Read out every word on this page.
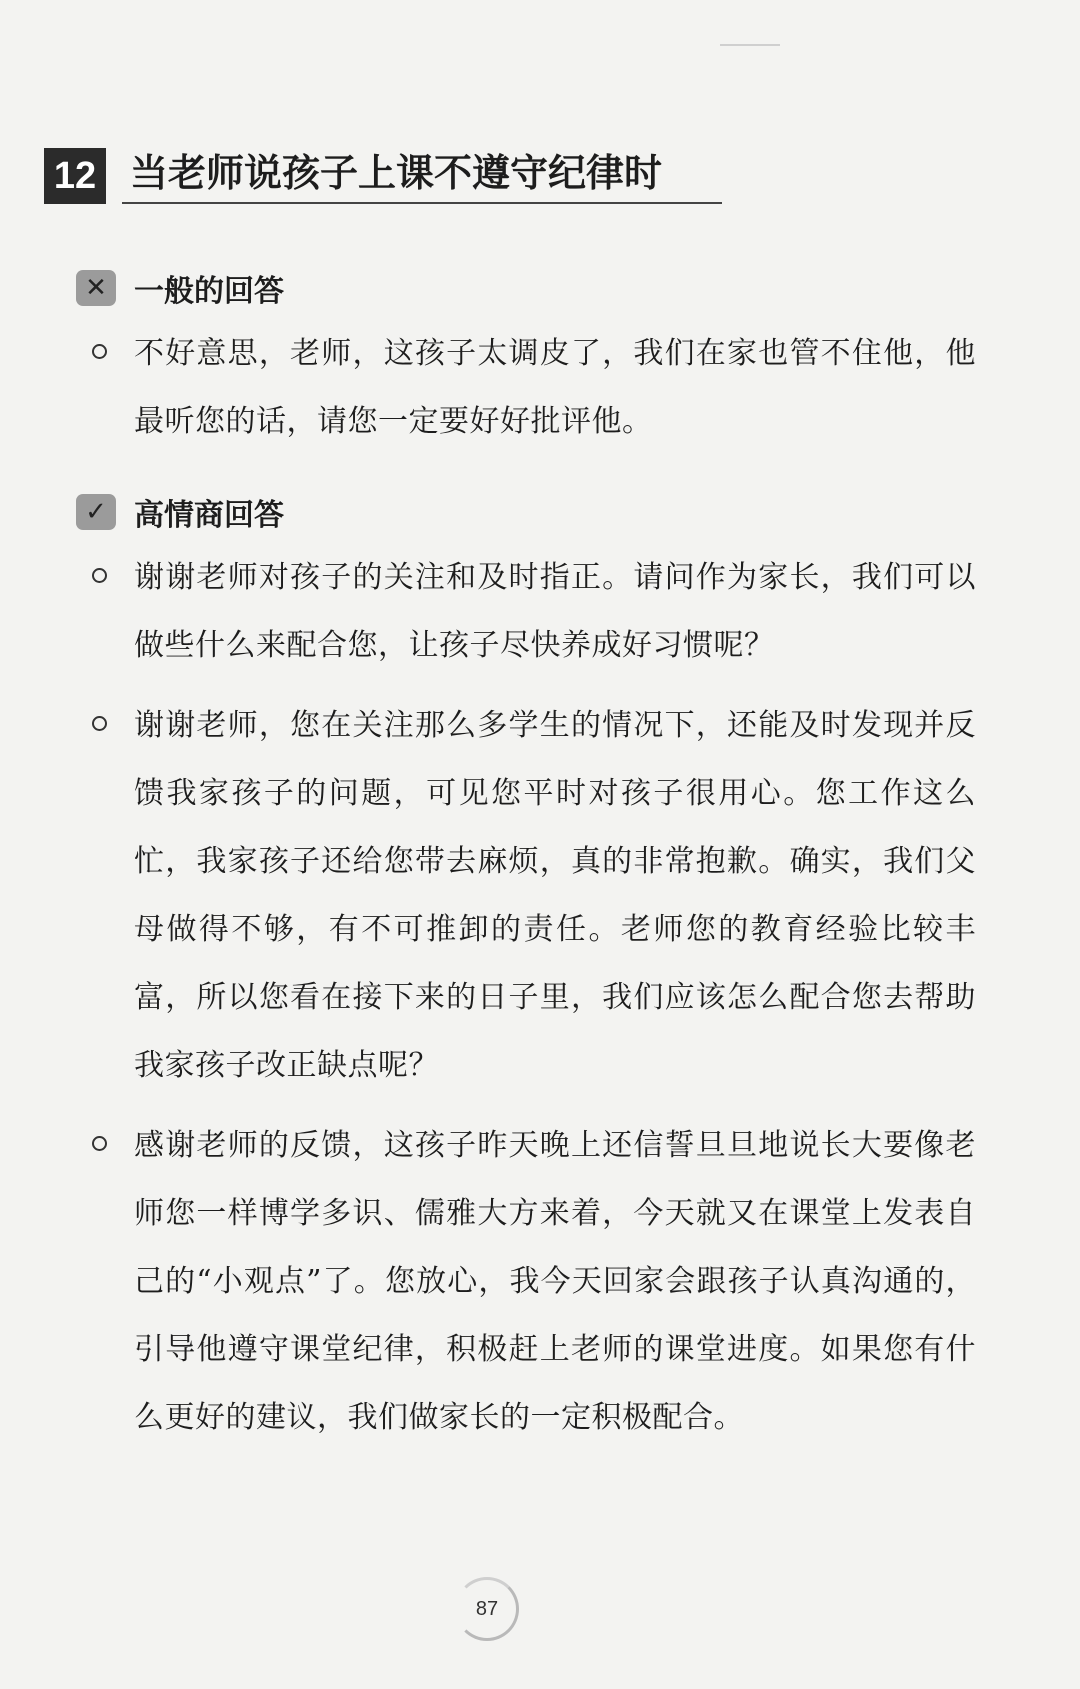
12 当老师说孩子上课不遵守纪律时
✕ 一般的回答
不好意思，老师，这孩子太调皮了，我们在家也管不住他，他最听您的话，请您一定要好好批评他。
✓ 高情商回答
谢谢老师对孩子的关注和及时指正。请问作为家长，我们可以做些什么来配合您，让孩子尽快养成好习惯呢？
谢谢老师，您在关注那么多学生的情况下，还能及时发现并反馈我家孩子的问题，可见您平时对孩子很用心。您工作这么忙，我家孩子还给您带去麻烦，真的非常抱歉。确实，我们父母做得不够，有不可推卸的责任。老师您的教育经验比较丰富，所以您看在接下来的日子里，我们应该怎么配合您去帮助我家孩子改正缺点呢？
感谢老师的反馈，这孩子昨天晚上还信誓旦旦地说长大要像老师您一样博学多识、儒雅大方来着，今天就又在课堂上发表自己的“小观点”了。您放心，我今天回家会跟孩子认真沟通的，引导他遵守课堂纪律，积极赶上老师的课堂进度。如果您有什么更好的建议，我们做家长的一定积极配合。
87
